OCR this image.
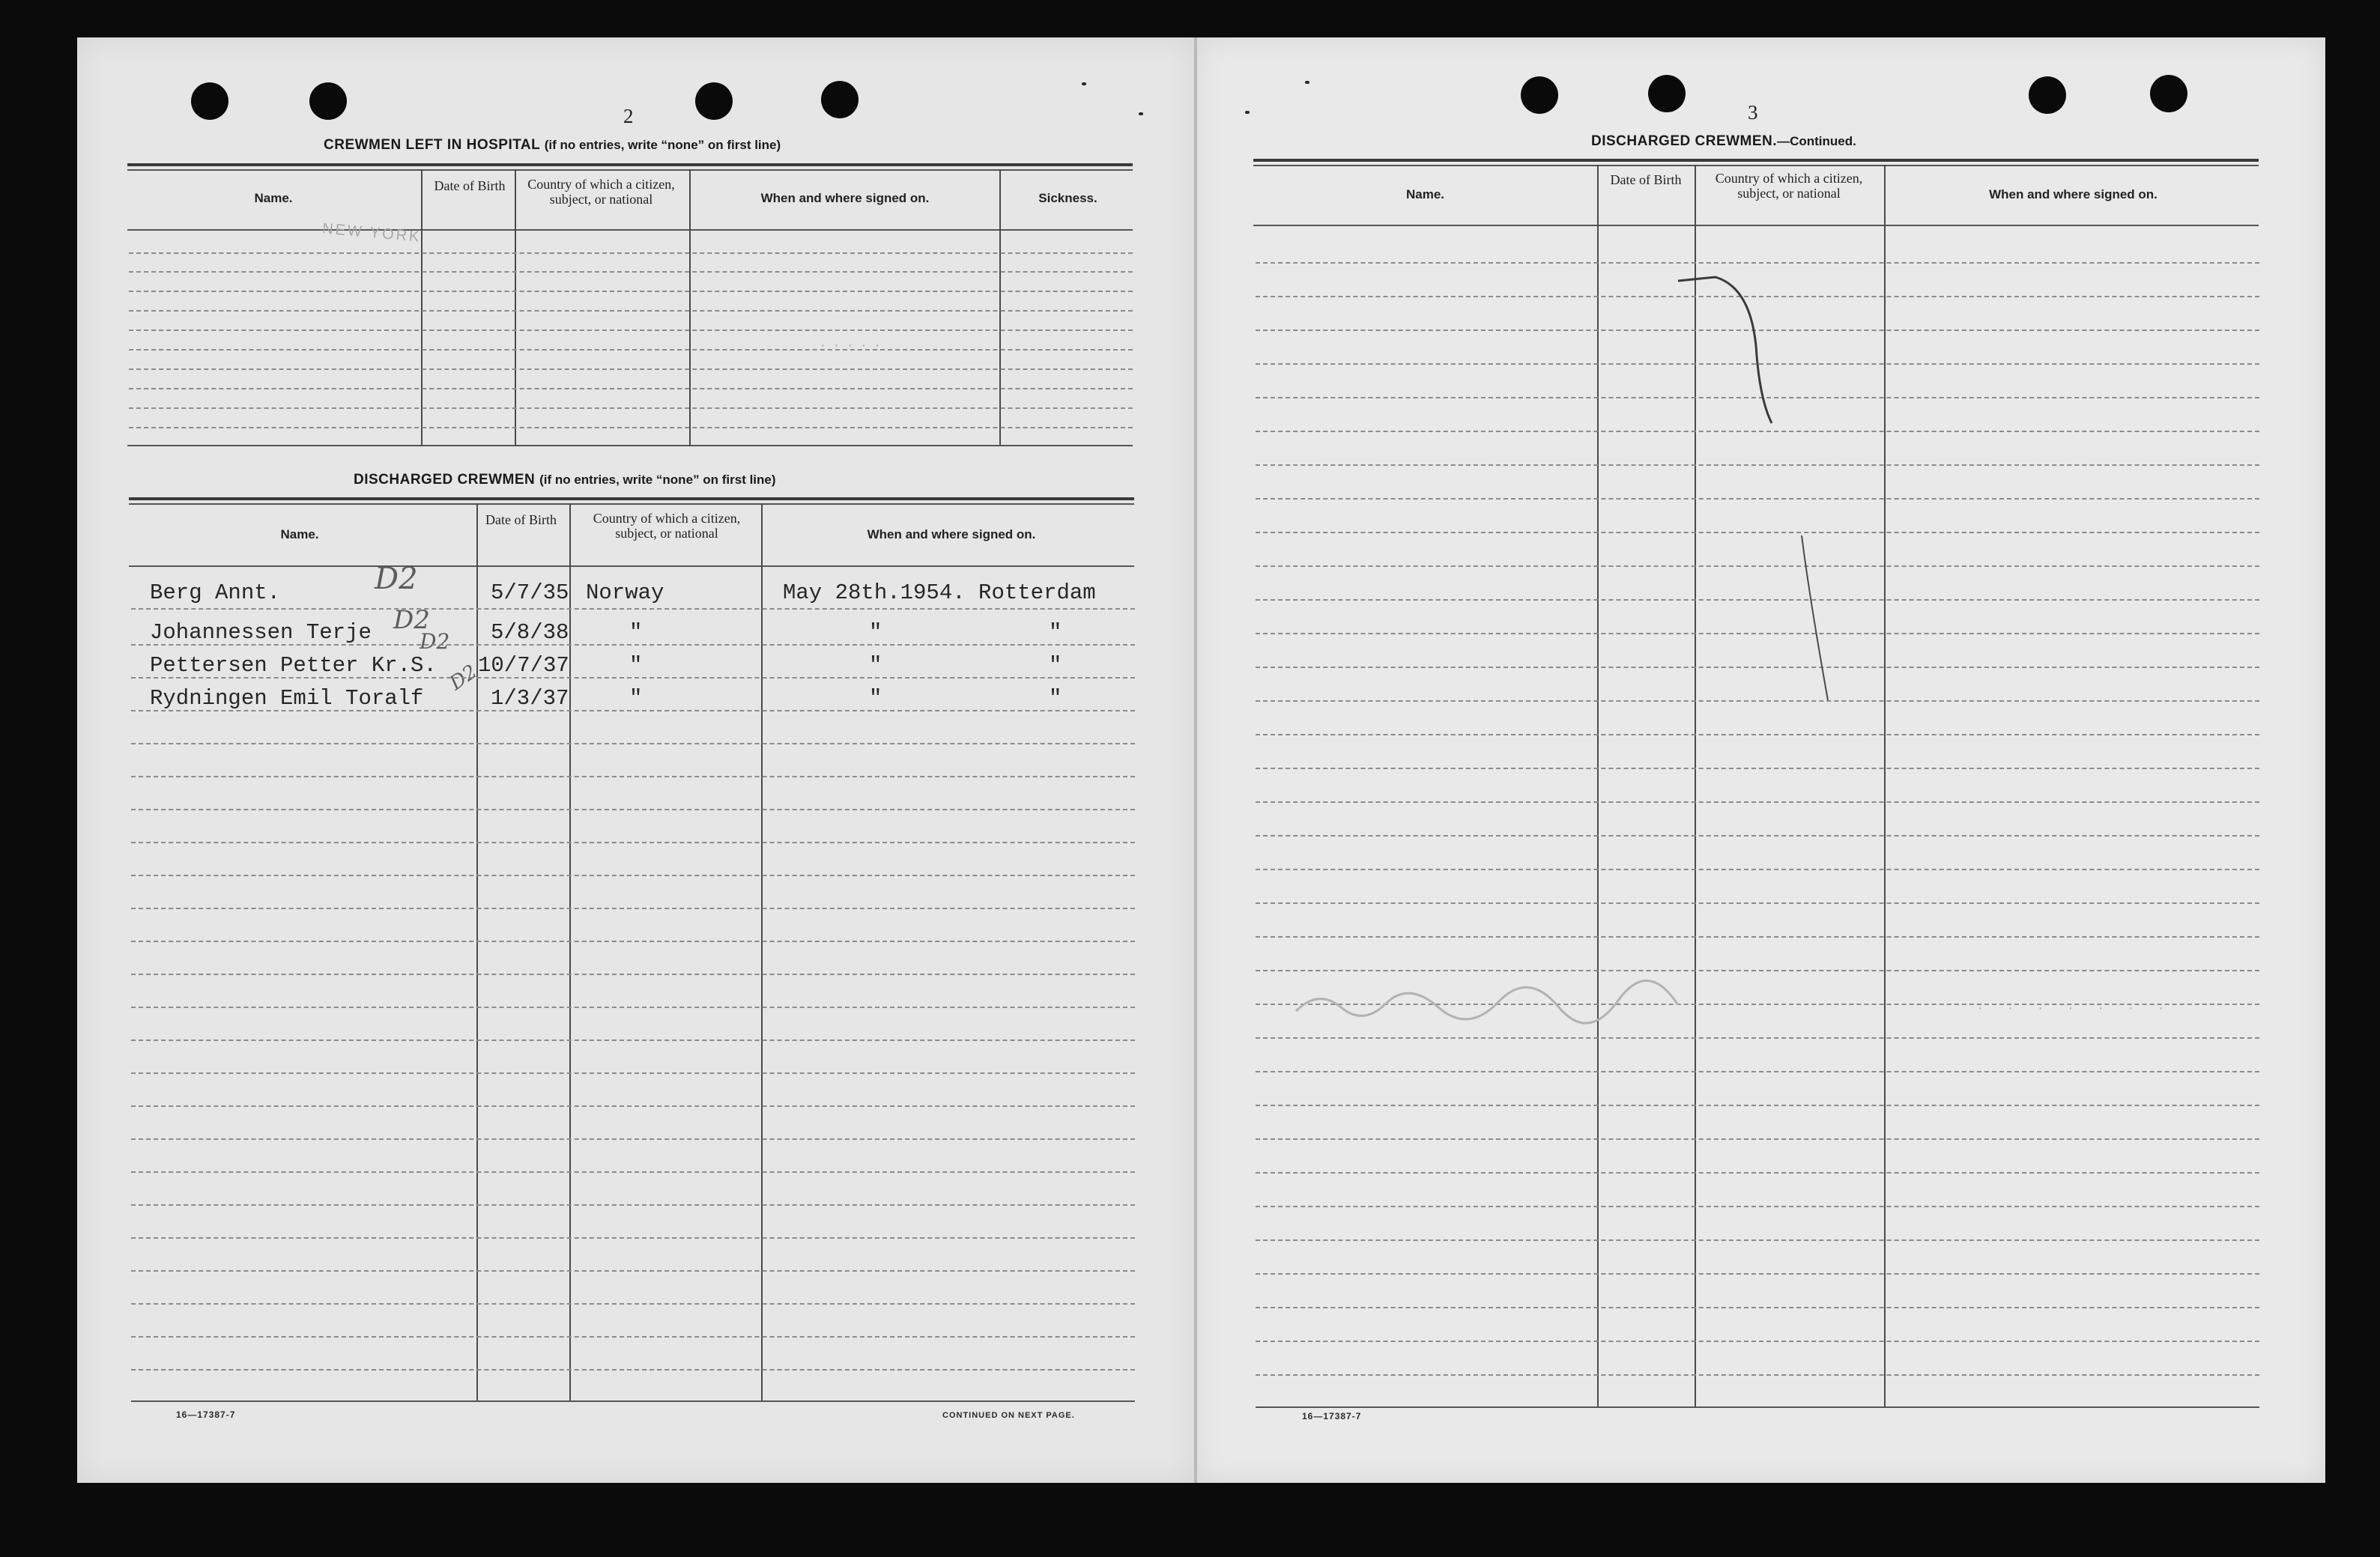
2
CREWMEN LEFT IN HOSPITAL (if no entries, write “none” on first line)
Name.
Date of Birth	Country of which a citizen, subject, or national	When and where signed on.	Sickness.
NEW YORK
· · · · ·
DISCHARGED CREWMEN (if no entries, write “none” on first line)
Name.
Date of Birth	Country of which a citizen, subject, or national	When and where signed on.
Berg Annt.	5/7/35 Norway	May 28th.1954. Rotterdam
D2
Johannessen Terje	5/8/38	"	"	"
D2
Pettersen Petter Kr.S. 10/7/37	"	"	"
D2
Rydningen Emil Toralf	1/3/37	"	"	"
D2
16—17387-7	CONTINUED ON NEXT PAGE.
3
DISCHARGED CREWMEN.—Continued.
Name.
Date of Birth	Country of which a citizen, subject, or national	When and where signed on.
· · · · · · ·
16—17387-7
